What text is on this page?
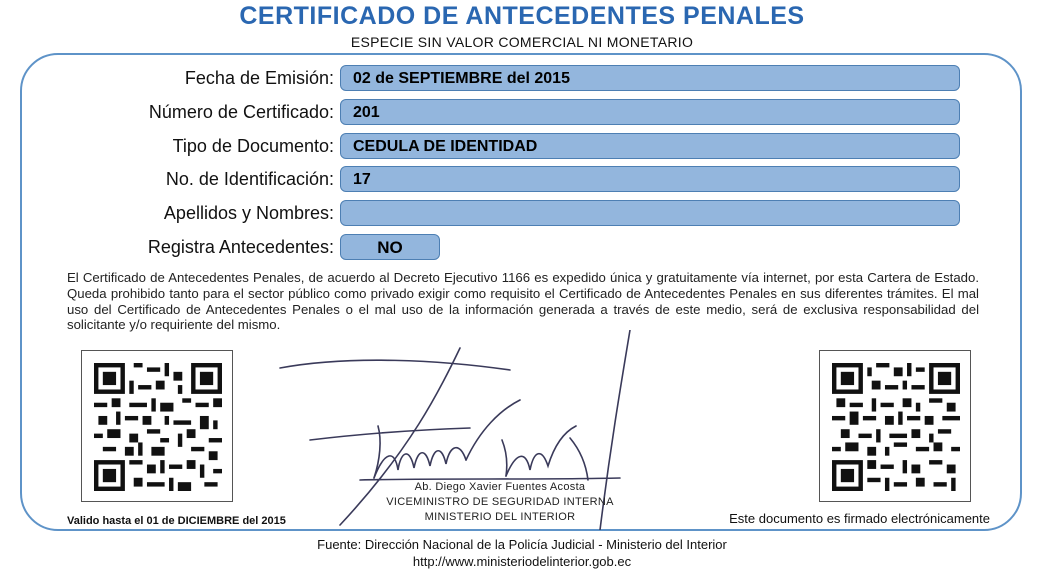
CERTIFICADO DE ANTECEDENTES PENALES
ESPECIE SIN VALOR COMERCIAL NI MONETARIO
Fecha de Emisión:	02 de SEPTIEMBRE del 2015
Número de Certificado:	201
Tipo de Documento:	CEDULA DE IDENTIDAD
No. de Identificación:	17
Apellidos y Nombres:
Registra Antecedentes:	NO
El Certificado de Antecedentes Penales, de acuerdo al Decreto Ejecutivo 1166 es expedido única y gratuitamente vía internet, por esta Cartera de Estado. Queda prohibido tanto para el sector público como privado exigir como requisito el Certificado de Antecedentes Penales en sus diferentes trámites. El mal uso del Certificado de Antecedentes Penales o el mal uso de la información generada a través de este medio, será de exclusiva responsabilidad del solicitante y/o requiriente del mismo.
Ab. Diego Xavier Fuentes Acosta
VICEMINISTRO DE SEGURIDAD INTERNA
MINISTERIO DEL INTERIOR
Valido hasta el 01 de DICIEMBRE del 2015	Este documento es firmado electrónicamente
Fuente: Dirección Nacional de la Policía Judicial - Ministerio del Interior
http://www.ministeriodelinterior.gob.ec
